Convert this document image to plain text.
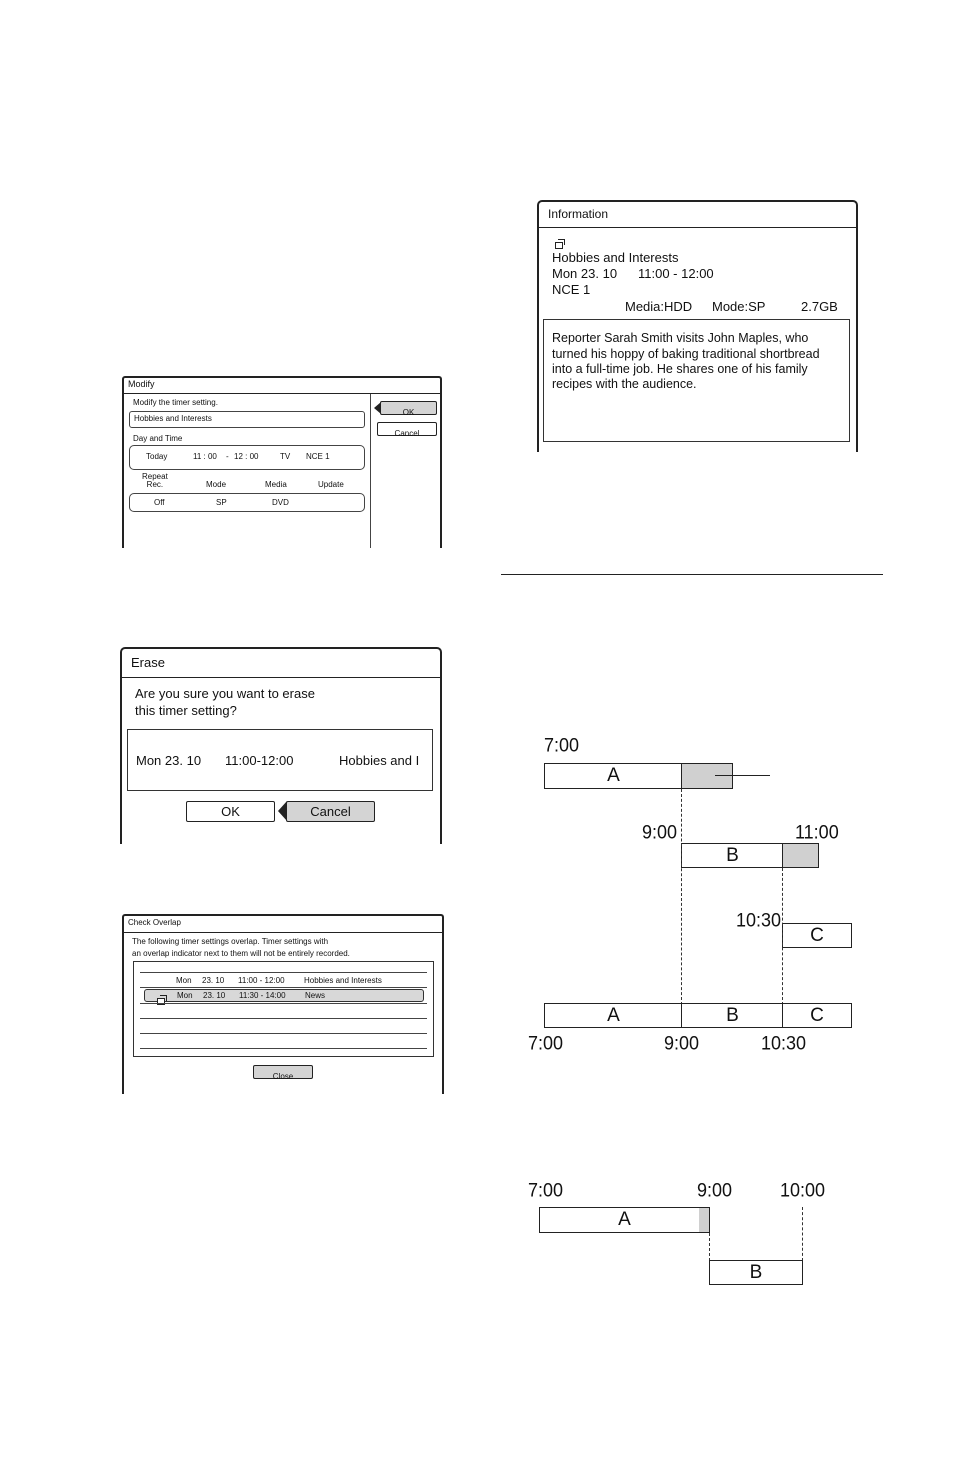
Modify
Modify the timer setting.
Hobbies and Interests
Day and Time
Today	11 : 00 - 12 : 00	TV NCE 1
Repeat
Rec.	Mode	Media	Update
Off	SP	DVD
OK
Cancel
Erase
Are you sure you want to erase
this timer setting?
Mon 23. 10 11:00-12:00	Hobbies and I
OK	Cancel
Check Overlap
The following timer settings overlap. Timer settings with
an overlap indicator next to them will not be entirely recorded.
Mon 23. 10 11:00 - 12:00 Hobbies and Interests
Mon 23. 10 11:30 - 14:00 News
Close
Information
Hobbies and Interests
Mon 23. 10 11:00 - 12:00
NCE 1
Media:HDD Mode:SP	2.7GB
Reporter Sarah Smith visits John Maples, who
turned his hoppy of baking traditional shortbread
into a full-time job. He shares one of his family
recipes with the audience.
7:00
A
9:00	11:00
B
10:30
C
A	B	C
7:00	9:00	10:30
7:00	9:00	10:00
A
B
